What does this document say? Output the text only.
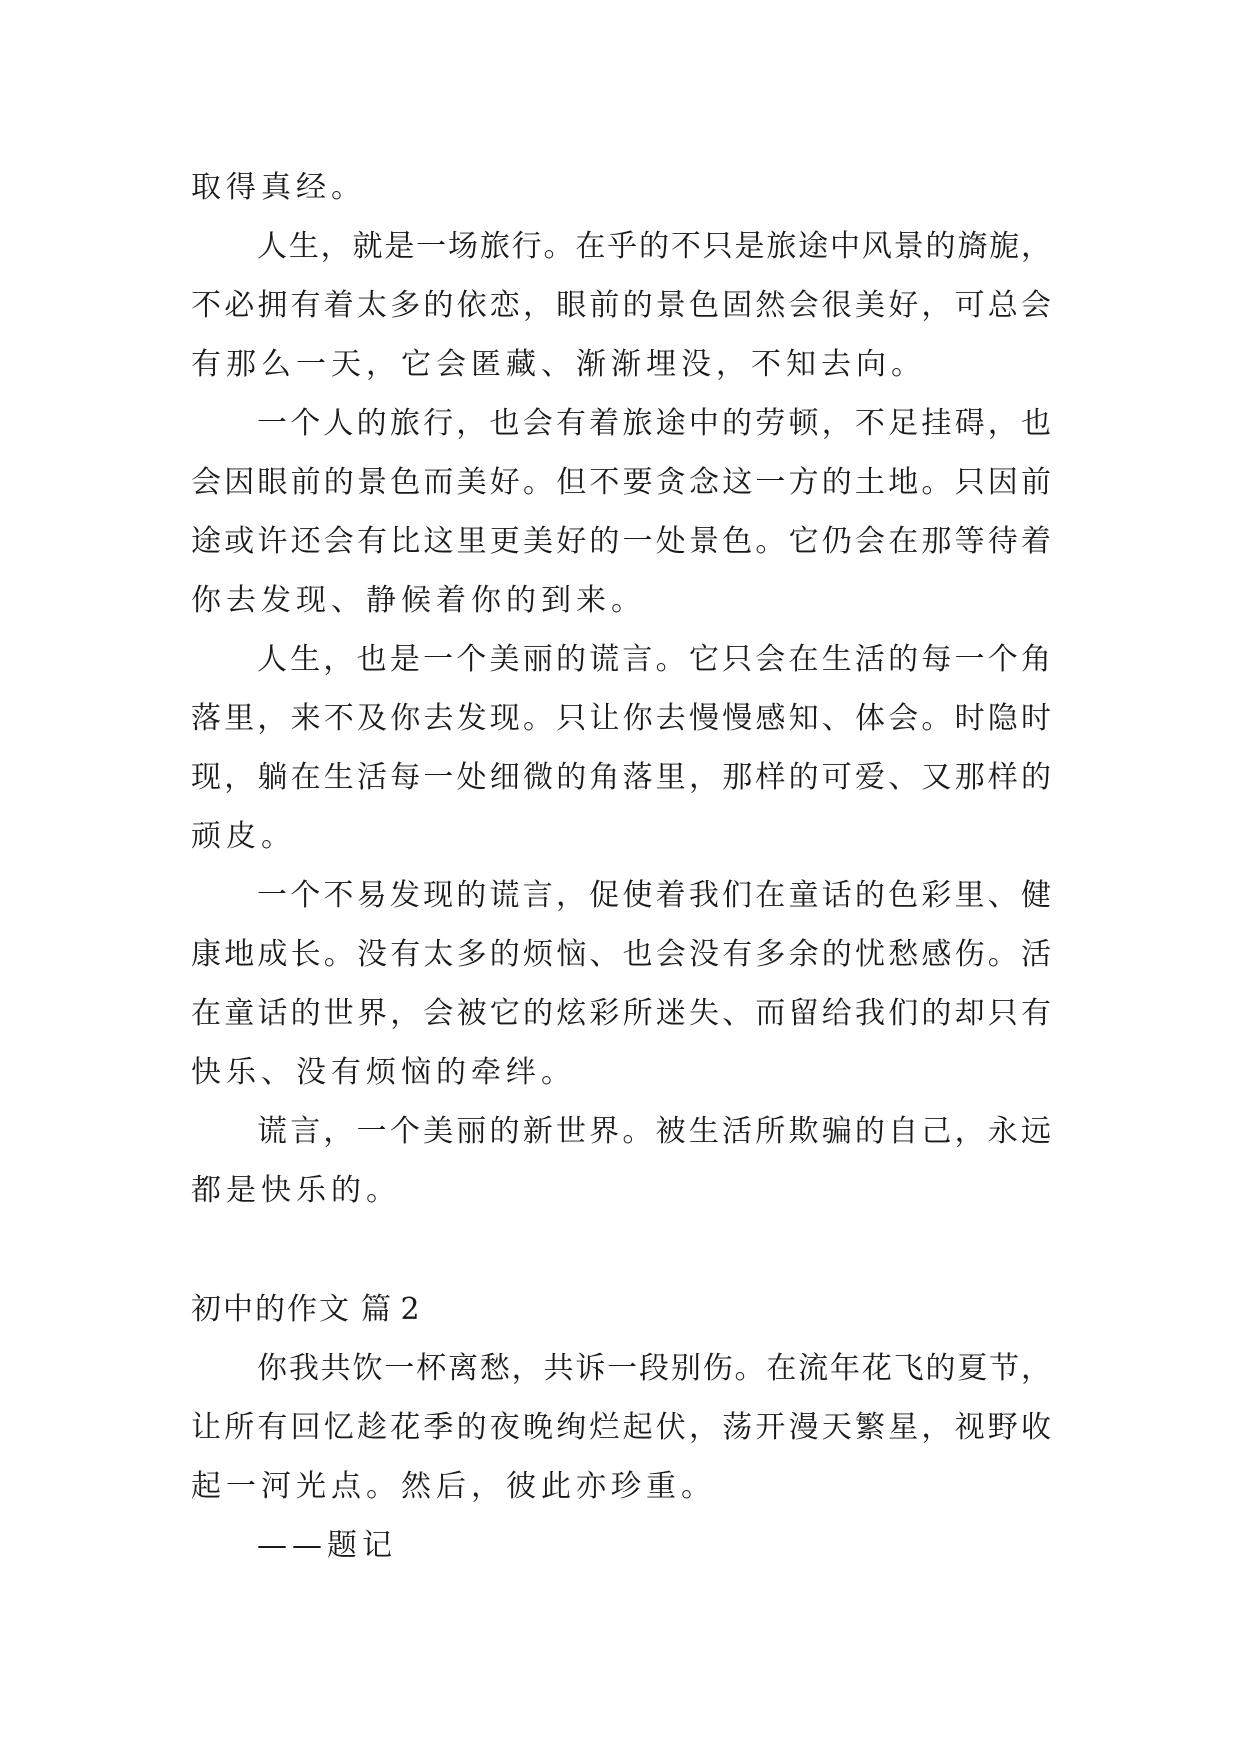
取得真经。
人生，就是一场旅行。在乎的不只是旅途中风景的旖旎，
不必拥有着太多的依恋，眼前的景色固然会很美好，可总会
有那么一天，它会匿藏、渐渐埋没，不知去向。
一个人的旅行，也会有着旅途中的劳顿，不足挂碍，也
会因眼前的景色而美好。但不要贪念这一方的土地。只因前
途或许还会有比这里更美好的一处景色。它仍会在那等待着
你去发现、静候着你的到来。
人生，也是一个美丽的谎言。它只会在生活的每一个角
落里，来不及你去发现。只让你去慢慢感知、体会。时隐时
现，躺在生活每一处细微的角落里，那样的可爱、又那样的
顽皮。
一个不易发现的谎言，促使着我们在童话的色彩里、健
康地成长。没有太多的烦恼、也会没有多余的忧愁感伤。活
在童话的世界，会被它的炫彩所迷失、而留给我们的却只有
快乐、没有烦恼的牵绊。
谎言，一个美丽的新世界。被生活所欺骗的自己，永远
都是快乐的。
初中的作文 篇 2
你我共饮一杯离愁，共诉一段别伤。在流年花飞的夏节，
让所有回忆趁花季的夜晚绚烂起伏，荡开漫天繁星，视野收
起一河光点。然后，彼此亦珍重。
——题记
